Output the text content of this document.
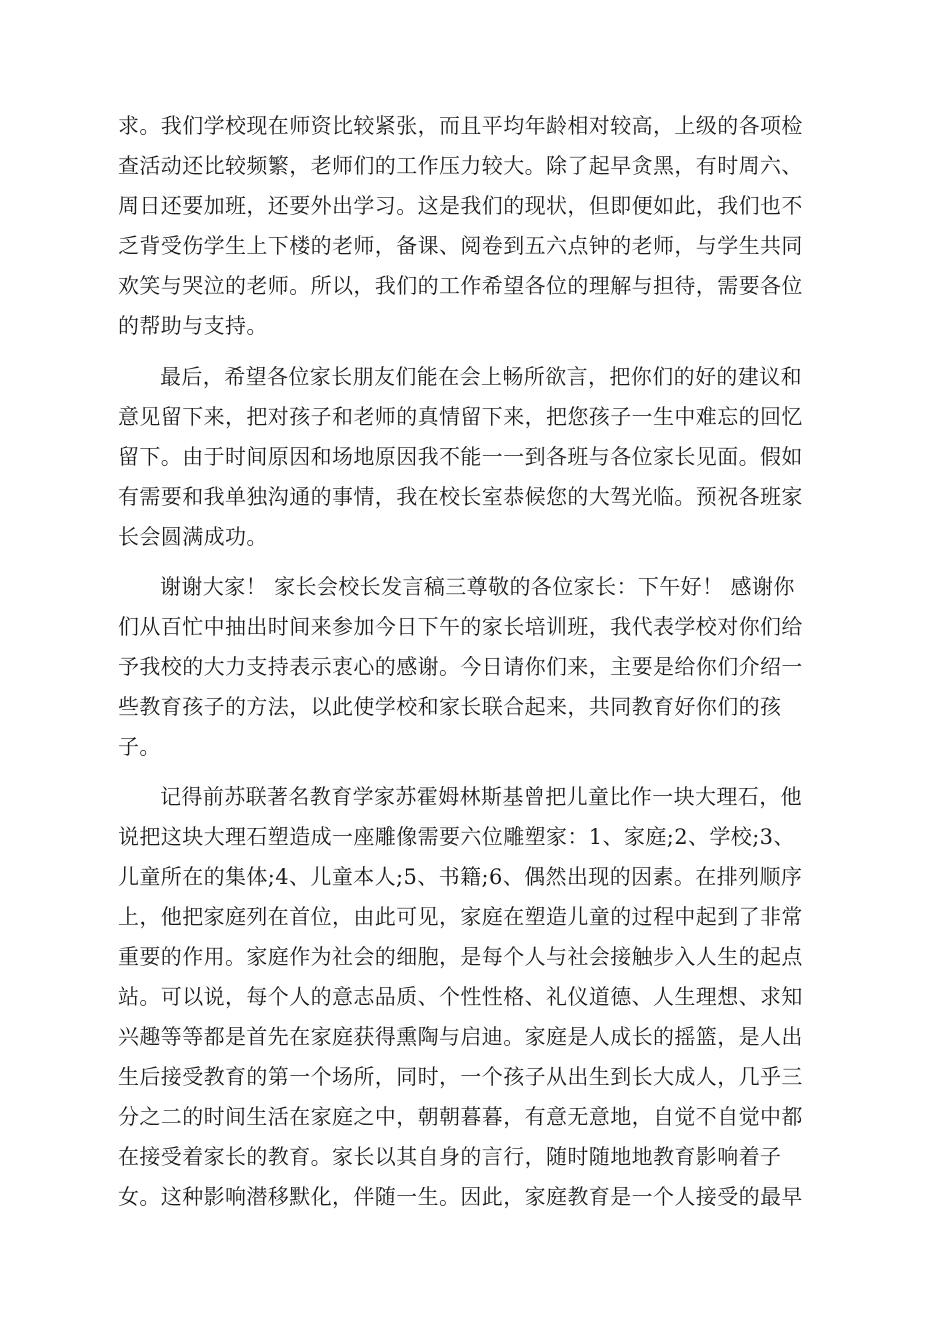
求。我们学校现在师资比较紧张，而且平均年龄相对较高，上级的各项检
查活动还比较频繁，老师们的工作压力较大。除了起早贪黑，有时周六、
周日还要加班，还要外出学习。这是我们的现状，但即便如此，我们也不
乏背受伤学生上下楼的老师，备课、阅卷到五六点钟的老师，与学生共同
欢笑与哭泣的老师。所以，我们的工作希望各位的理解与担待，需要各位
的帮助与支持。
最后，希望各位家长朋友们能在会上畅所欲言，把你们的好的建议和
意见留下来，把对孩子和老师的真情留下来，把您孩子一生中难忘的回忆
留下。由于时间原因和场地原因我不能一一到各班与各位家长见面。假如
有需要和我单独沟通的事情，我在校长室恭候您的大驾光临。预祝各班家
长会圆满成功。
谢谢大家！ 家长会校长发言稿三尊敬的各位家长：下午好！ 感谢你
们从百忙中抽出时间来参加今日下午的家长培训班，我代表学校对你们给
予我校的大力支持表示衷心的感谢。今日请你们来，主要是给你们介绍一
些教育孩子的方法，以此使学校和家长联合起来，共同教育好你们的孩
子。
记得前苏联著名教育学家苏霍姆林斯基曾把儿童比作一块大理石，他
说把这块大理石塑造成一座雕像需要六位雕塑家：1、家庭;2、学校;3、
儿童所在的集体;4、儿童本人;5、书籍;6、偶然出现的因素。在排列顺序
上，他把家庭列在首位，由此可见，家庭在塑造儿童的过程中起到了非常
重要的作用。家庭作为社会的细胞，是每个人与社会接触步入人生的起点
站。可以说，每个人的意志品质、个性性格、礼仪道德、人生理想、求知
兴趣等等都是首先在家庭获得熏陶与启迪。家庭是人成长的摇篮，是人出
生后接受教育的第一个场所，同时，一个孩子从出生到长大成人，几乎三
分之二的时间生活在家庭之中，朝朝暮暮，有意无意地，自觉不自觉中都
在接受着家长的教育。家长以其自身的言行，随时随地地教育影响着子
女。这种影响潜移默化，伴随一生。因此，家庭教育是一个人接受的最早
